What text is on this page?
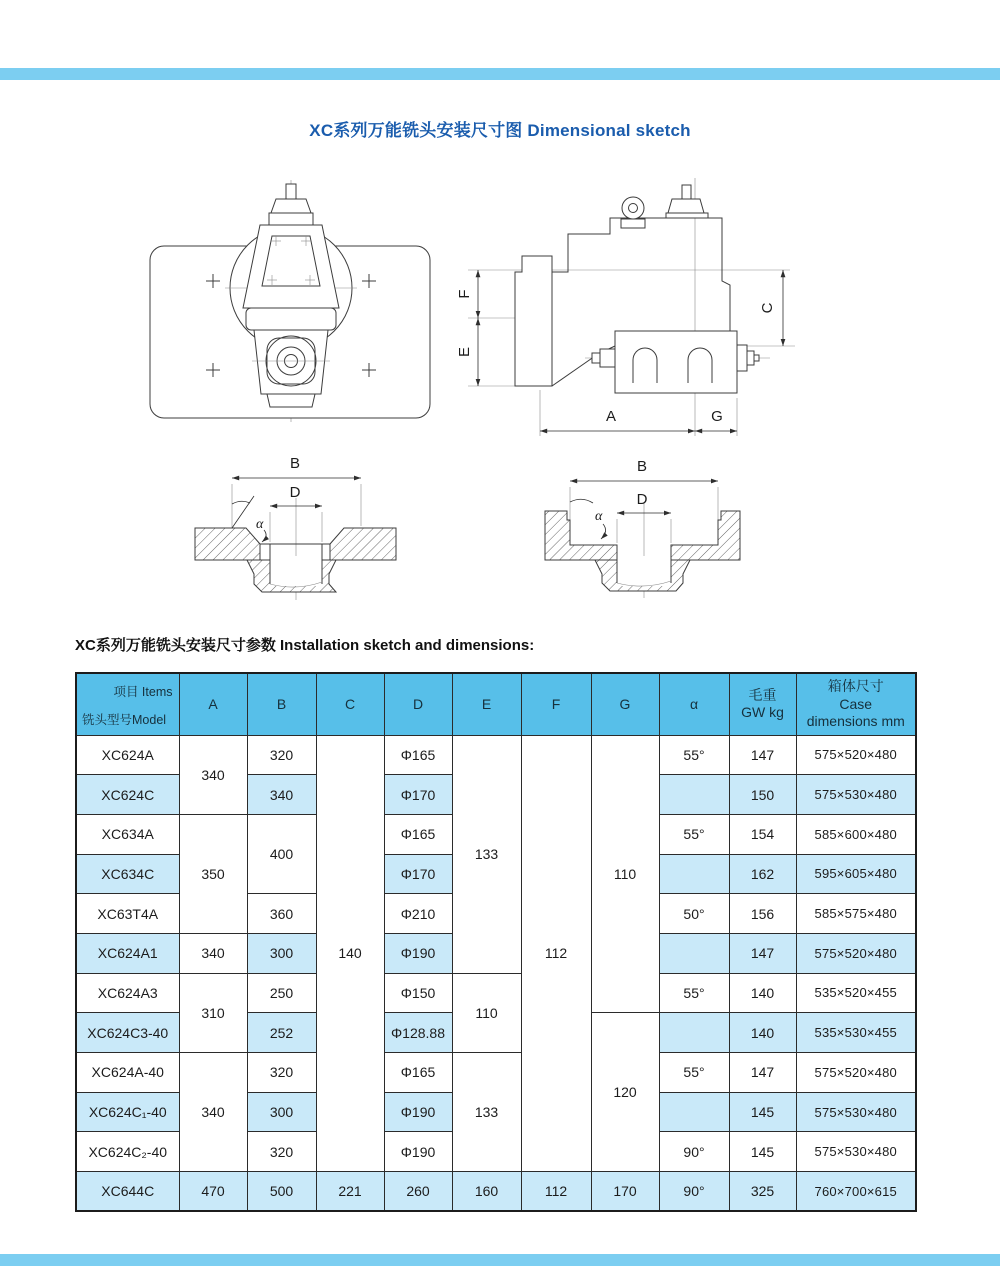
XC系列万能铣头安装尺寸图 Dimensional sketch
F
E
C
A	G
B
D
α
B
D
α
XC系列万能铣头安装尺寸参数 Installation sketch and dimensions:
项目 Items
铣头型号Model
	A	B	C	D	E	F	G	α	
毛重
GW kg

箱体尺寸
Case
dimensions mm

XC624A	340	320	140	Φ165	133	112	110	55°	147	575×520×480
XC624C		340		Φ170					150	575×530×480
XC634A	350	400		Φ165				55°	154	585×600×480
XC634C				Φ170					162	595×605×480
XC63T4A		360		Φ210				50°	156	585×575×480
XC624A1	340	300		Φ190					147	575×520×480
XC624A3	310	250		Φ150	110			55°	140	535×520×455
XC624C3-40		252		Φ128.88			120		140	535×530×455
XC624A-40	340	320		Φ165	133			55°	147	575×520×480
XC624C₁-40		300		Φ190					145	575×530×480
XC624C₂-40		320		Φ190				90°	145	575×530×480
XC644C	470	500	221	260	160	112	170	90°	325	760×700×615
